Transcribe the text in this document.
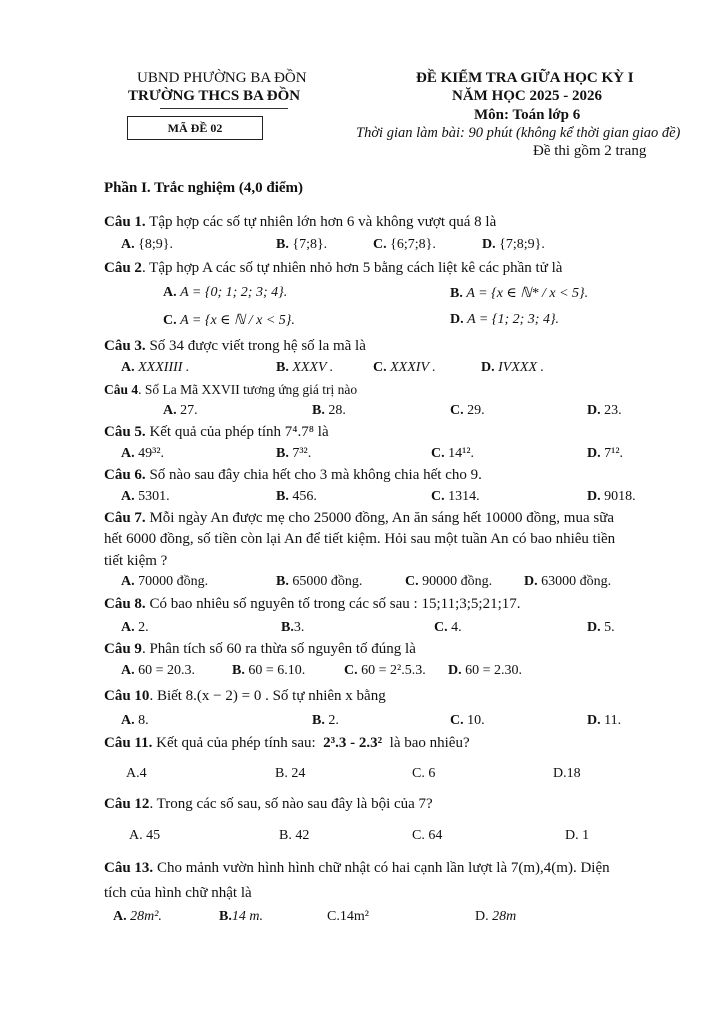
UBND PHƯỜNG BA ĐỒN
TRƯỜNG THCS BA ĐỒN
MÃ ĐỀ 02
ĐỀ KIỂM TRA GIỮA HỌC KỲ I
NĂM HỌC 2025 - 2026
Môn: Toán lớp 6
Thời gian làm bài: 90 phút (không kể thời gian giao đề)
Đề thi gồm 2 trang
Phần I. Trắc nghiệm (4,0 điểm)
Câu 1. Tập hợp các số tự nhiên lớn hơn 6 và không vượt quá 8 là
A. {8;9}.	B. {7;8}.	C. {6;7;8}.	D. {7;8;9}.
Câu 2. Tập hợp A các số tự nhiên nhỏ hơn 5 bằng cách liệt kê các phần tử là
A. A = {0; 1; 2; 3; 4}.	B. A = {x ∈ ℕ* / x < 5}.
C. A = {x ∈ ℕ / x < 5}.	D. A = {1; 2; 3; 4}.
Câu 3. Số 34 được viết trong hệ số la mã là
A. XXXIIII .	B. XXXV .	C. XXXIV .	D. IVXXX .
Câu 4. Số La Mã XXVII tương ứng giá trị nào
A. 27.	B. 28.	C. 29.	D. 23.
Câu 5. Kết quả của phép tính 7⁴.7⁸ là
A. 49³².	B. 7³².	C. 14¹².	D. 7¹².
Câu 6. Số nào sau đây chia hết cho 3 mà không chia hết cho 9.
A. 5301.	B. 456.	C. 1314.	D. 9018.
Câu 7. Mỗi ngày An được mẹ cho 25000 đồng, An ăn sáng hết 10000 đồng, mua sữa
hết 6000 đồng, số tiền còn lại An để tiết kiệm. Hỏi sau một tuần An có bao nhiêu tiền
tiết kiệm ?
A. 70000 đồng.	B. 65000 đồng.	C. 90000 đồng. D. 63000 đồng.
Câu 8. Có bao nhiêu số nguyên tố trong các số sau : 15;11;3;5;21;17.
A. 2.	B.3.	C. 4.	D. 5.
Câu 9. Phân tích số 60 ra thừa số nguyên tố đúng là
A. 60 = 20.3.	B. 60 = 6.10.	C. 60 = 2².5.3. D. 60 = 2.30.
Câu 10. Biết 8.(x − 2) = 0 . Số tự nhiên x bằng
A. 8.	B. 2.	C. 10.	D. 11.
Câu 11. Kết quả của phép tính sau: 2³.3 - 2.3² là bao nhiêu?
A.4	B. 24	C. 6	D.18
Câu 12. Trong các số sau, số nào sau đây là bội của 7?
A. 45	B. 42	C. 64	D. 1
Câu 13. Cho mảnh vườn hình hình chữ nhật có hai cạnh lần lượt là 7(m),4(m). Diện
tích của hình chữ nhật là
A. 28m².	B.14 m.	C.14m²	D. 28m
